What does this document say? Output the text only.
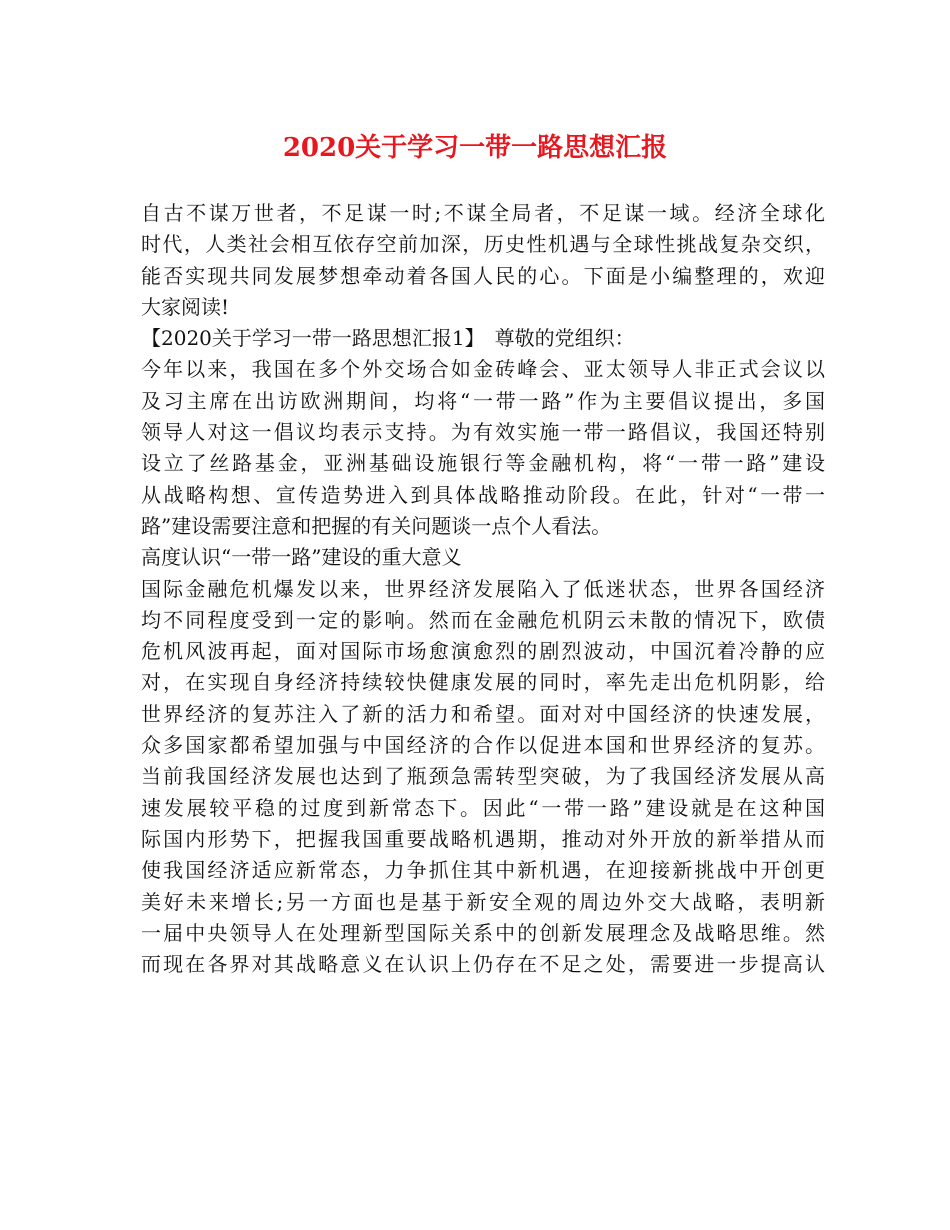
2020关于学习一带一路思想汇报
自古不谋万世者，不足谋一时;不谋全局者，不足谋一域。经济全球化
时代，人类社会相互依存空前加深，历史性机遇与全球性挑战复杂交织，
能否实现共同发展梦想牵动着各国人民的心。下面是小编整理的，欢迎
大家阅读!
【2020关于学习一带一路思想汇报1】　尊敬的党组织：
今年以来，我国在多个外交场合如金砖峰会、亚太领导人非正式会议以
及习主席在出访欧洲期间，均将“一带一路”作为主要倡议提出，多国
领导人对这一倡议均表示支持。为有效实施一带一路倡议，我国还特别
设立了丝路基金，亚洲基础设施银行等金融机构，将“一带一路”建设
从战略构想、宣传造势进入到具体战略推动阶段。在此，针对“一带一
路”建设需要注意和把握的有关问题谈一点个人看法。
高度认识“一带一路”建设的重大意义
国际金融危机爆发以来，世界经济发展陷入了低迷状态，世界各国经济
均不同程度受到一定的影响。然而在金融危机阴云未散的情况下，欧债
危机风波再起，面对国际市场愈演愈烈的剧烈波动，中国沉着冷静的应
对，在实现自身经济持续较快健康发展的同时，率先走出危机阴影，给
世界经济的复苏注入了新的活力和希望。面对对中国经济的快速发展，
众多国家都希望加强与中国经济的合作以促进本国和世界经济的复苏。
当前我国经济发展也达到了瓶颈急需转型突破，为了我国经济发展从高
速发展较平稳的过度到新常态下。因此“一带一路”建设就是在这种国
际国内形势下，把握我国重要战略机遇期，推动对外开放的新举措从而
使我国经济适应新常态，力争抓住其中新机遇，在迎接新挑战中开创更
美好未来增长;另一方面也是基于新安全观的周边外交大战略，表明新
一届中央领导人在处理新型国际关系中的创新发展理念及战略思维。然
而现在各界对其战略意义在认识上仍存在不足之处，需要进一步提高认
